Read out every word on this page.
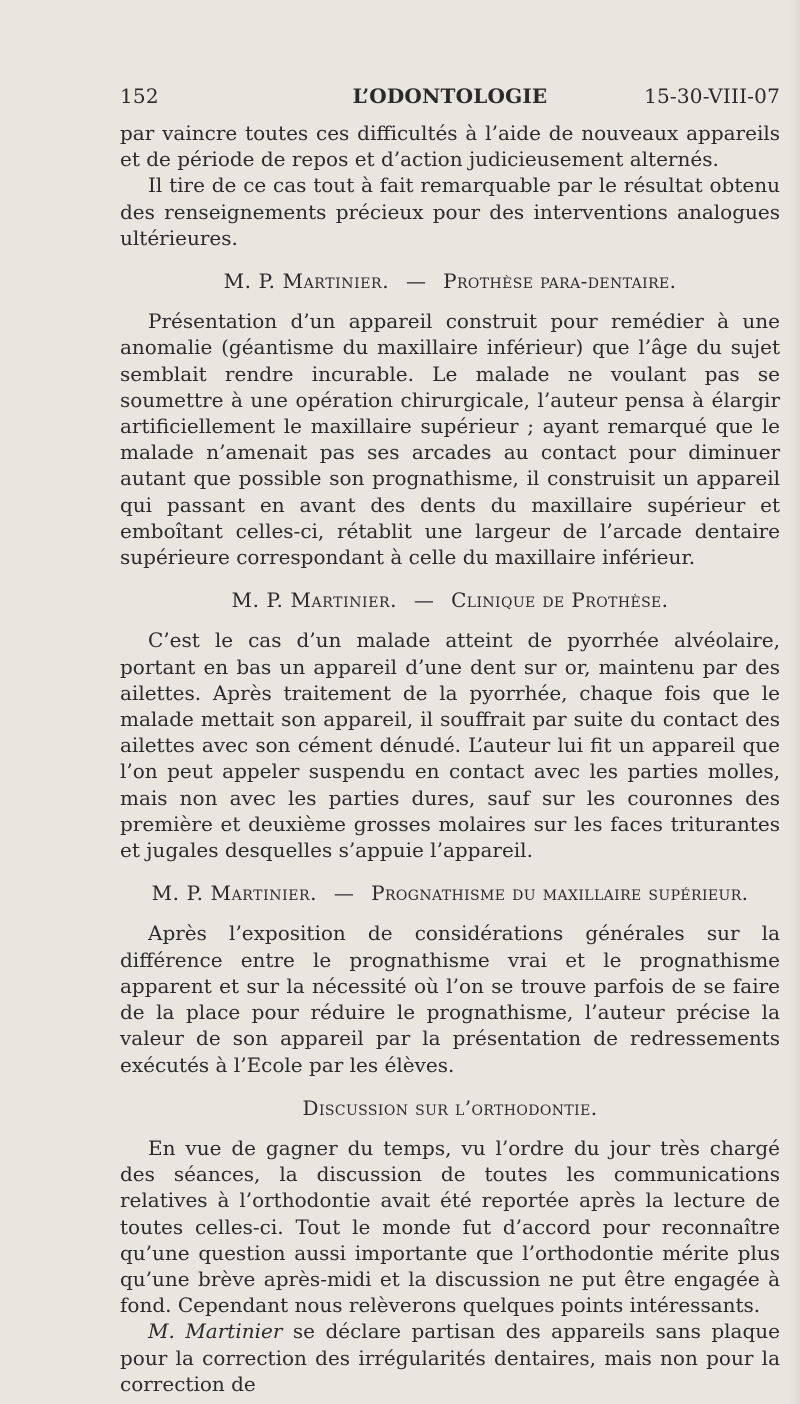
152	L’ODONTOLOGIE	15-30-VIII-07

par vaincre toutes ces difficultés à l’aide de nouveaux appareils et de période de repos et d’action judicieusement alternés.

Il tire de ce cas tout à fait remarquable par le résultat obtenu des renseignements précieux pour des interventions analogues ultérieures.

M. P. Martinier. — Prothèse para-dentaire.

Présentation d’un appareil construit pour remédier à une anomalie (géantisme du maxillaire inférieur) que l’âge du sujet semblait rendre incurable. Le malade ne voulant pas se soumettre à une opération chirurgicale, l’auteur pensa à élargir artificiellement le maxillaire supérieur ; ayant remarqué que le malade n’amenait pas ses arcades au contact pour diminuer autant que possible son prognathisme, il construisit un appareil qui passant en avant des dents du maxillaire supérieur et emboîtant celles-ci, rétablit une largeur de l’arcade dentaire supérieure correspondant à celle du maxillaire inférieur.

M. P. Martinier. — Clinique de Prothèse.

C’est le cas d’un malade atteint de pyorrhée alvéolaire, portant en bas un appareil d’une dent sur or, maintenu par des ailettes. Après traitement de la pyorrhée, chaque fois que le malade mettait son appareil, il souffrait par suite du contact des ailettes avec son cément dénudé. L’auteur lui fit un appareil que l’on peut appeler suspendu en contact avec les parties molles, mais non avec les parties dures, sauf sur les couronnes des première et deuxième grosses molaires sur les faces triturantes et jugales desquelles s’appuie l’appareil.

M. P. Martinier. — Prognathisme du maxillaire supérieur.

Après l’exposition de considérations générales sur la différence entre le prognathisme vrai et le prognathisme apparent et sur la nécessité où l’on se trouve parfois de se faire de la place pour réduire le prognathisme, l’auteur précise la valeur de son appareil par la présentation de redressements exécutés à l’Ecole par les élèves.

Discussion sur l’orthodontie.

En vue de gagner du temps, vu l’ordre du jour très chargé des séances, la discussion de toutes les communications relatives à l’orthodontie avait été reportée après la lecture de toutes celles-ci. Tout le monde fut d’accord pour reconnaître qu’une question aussi importante que l’orthodontie mérite plus qu’une brève après-midi et la discussion ne put être engagée à fond. Cependant nous relèverons quelques points intéressants.

M. Martinier se déclare partisan des appareils sans plaque pour la correction des irrégularités dentaires, mais non pour la correction de
